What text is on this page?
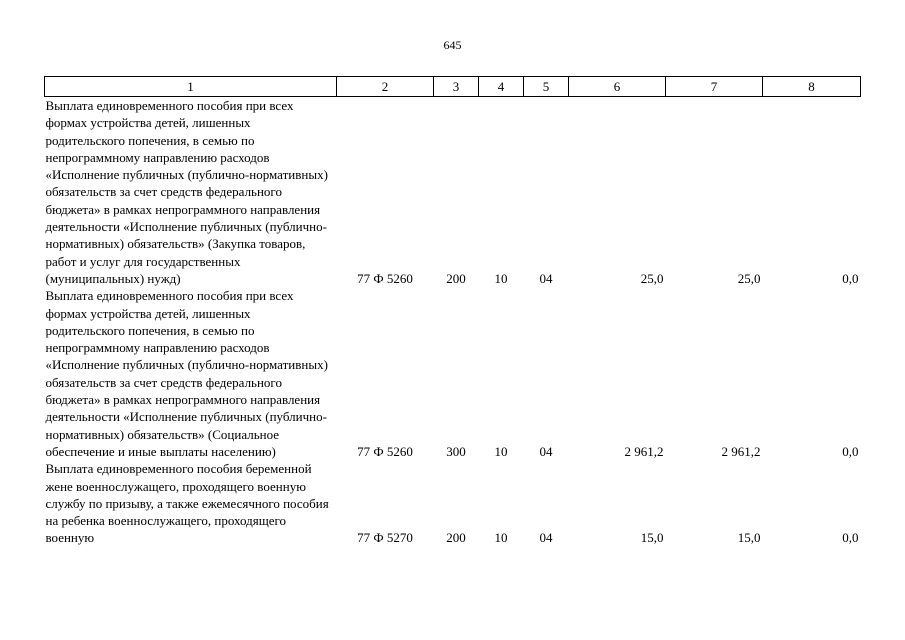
645
1	2	3	4	5	6	7	8
Выплата единовременного пособия при всех формах устройства детей, лишенных родительского попечения, в семью по непрограммному направлению расходов «Исполнение публичных (публично-нормативных) обязательств за счет средств федерального бюджета» в рамках непрограммного направления деятельности «Исполнение публичных (публично-нормативных) обязательств» (Закупка товаров, работ и услуг для государственных (муниципальных) нужд)	77 Ф 5260	200	10	04	25,0	25,0	0,0
Выплата единовременного пособия при всех формах устройства детей, лишенных родительского попечения, в семью по непрограммному направлению расходов «Исполнение публичных (публично-нормативных) обязательств за счет средств федерального бюджета» в рамках непрограммного направления деятельности «Исполнение публичных (публично-нормативных) обязательств» (Социальное обеспечение и иные выплаты населению)	77 Ф 5260	300	10	04	2 961,2	2 961,2	0,0
Выплата единовременного пособия беременной жене военнослужащего, проходящего военную службу по призыву, а также ежемесячного пособия на ребенка военнослужащего, проходящего военную	77 Ф 5270	200	10	04	15,0	15,0	0,0
